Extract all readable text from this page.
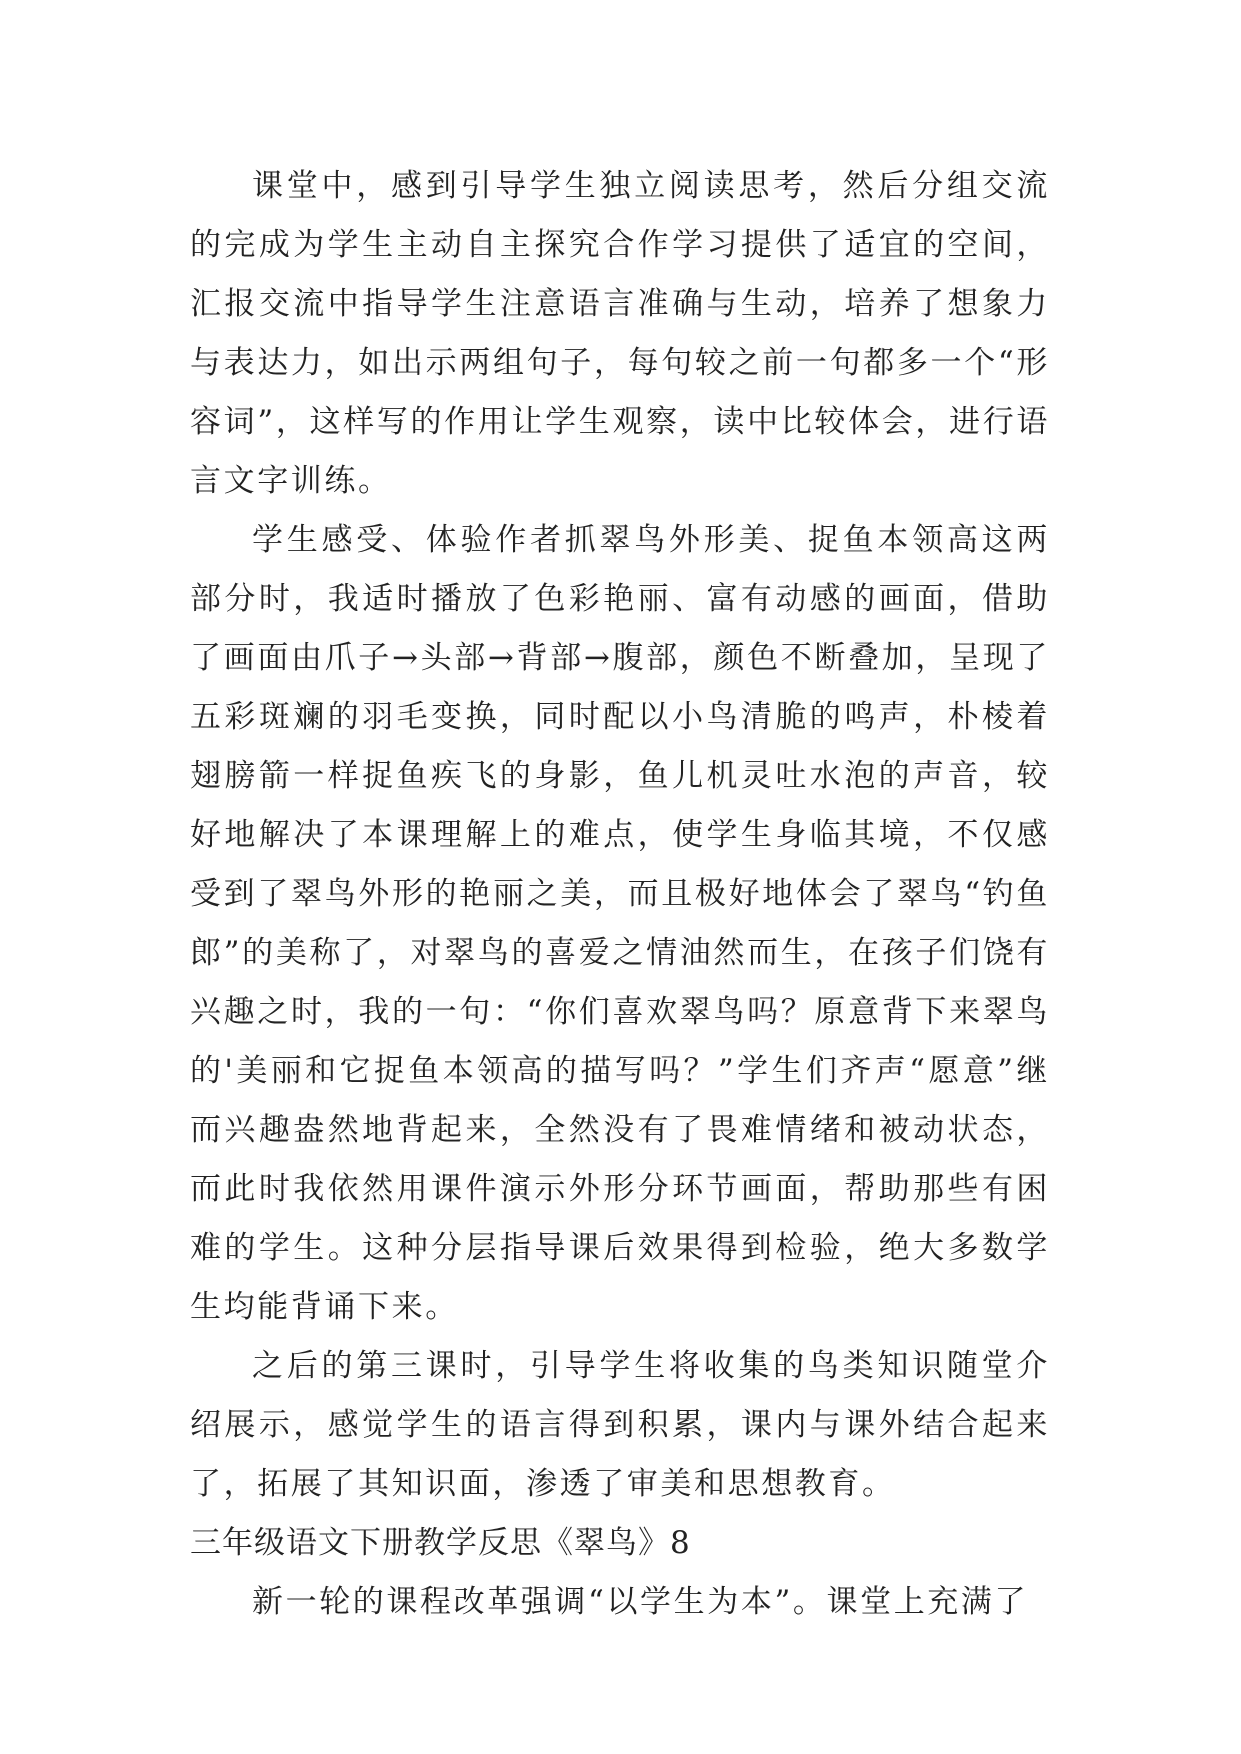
课堂中，感到引导学生独立阅读思考，然后分组交流的完成为学生主动自主探究合作学习提供了适宜的空间，汇报交流中指导学生注意语言准确与生动，培养了想象力与表达力，如出示两组句子，每句较之前一句都多一个“形容词”，这样写的作用让学生观察，读中比较体会，进行语言文字训练。

学生感受、体验作者抓翠鸟外形美、捉鱼本领高这两部分时，我适时播放了色彩艳丽、富有动感的画面，借助了画面由爪子→头部→背部→腹部，颜色不断叠加，呈现了五彩斑斓的羽毛变换，同时配以小鸟清脆的鸣声，朴棱着翅膀箭一样捉鱼疾飞的身影，鱼儿机灵吐水泡的声音，较好地解决了本课理解上的难点，使学生身临其境，不仅感受到了翠鸟外形的艳丽之美，而且极好地体会了翠鸟“钓鱼郎”的美称了，对翠鸟的喜爱之情油然而生，在孩子们饶有兴趣之时，我的一句：“你们喜欢翠鸟吗？原意背下来翠鸟的'美丽和它捉鱼本领高的描写吗？”学生们齐声“愿意”继而兴趣盎然地背起来，全然没有了畏难情绪和被动状态，而此时我依然用课件演示外形分环节画面，帮助那些有困难的学生。这种分层指导课后效果得到检验，绝大多数学生均能背诵下来。

之后的第三课时，引导学生将收集的鸟类知识随堂介绍展示，感觉学生的语言得到积累，课内与课外结合起来了，拓展了其知识面，渗透了审美和思想教育。

三年级语文下册教学反思《翠鸟》8

新一轮的课程改革强调“以学生为本”。课堂上充满了
